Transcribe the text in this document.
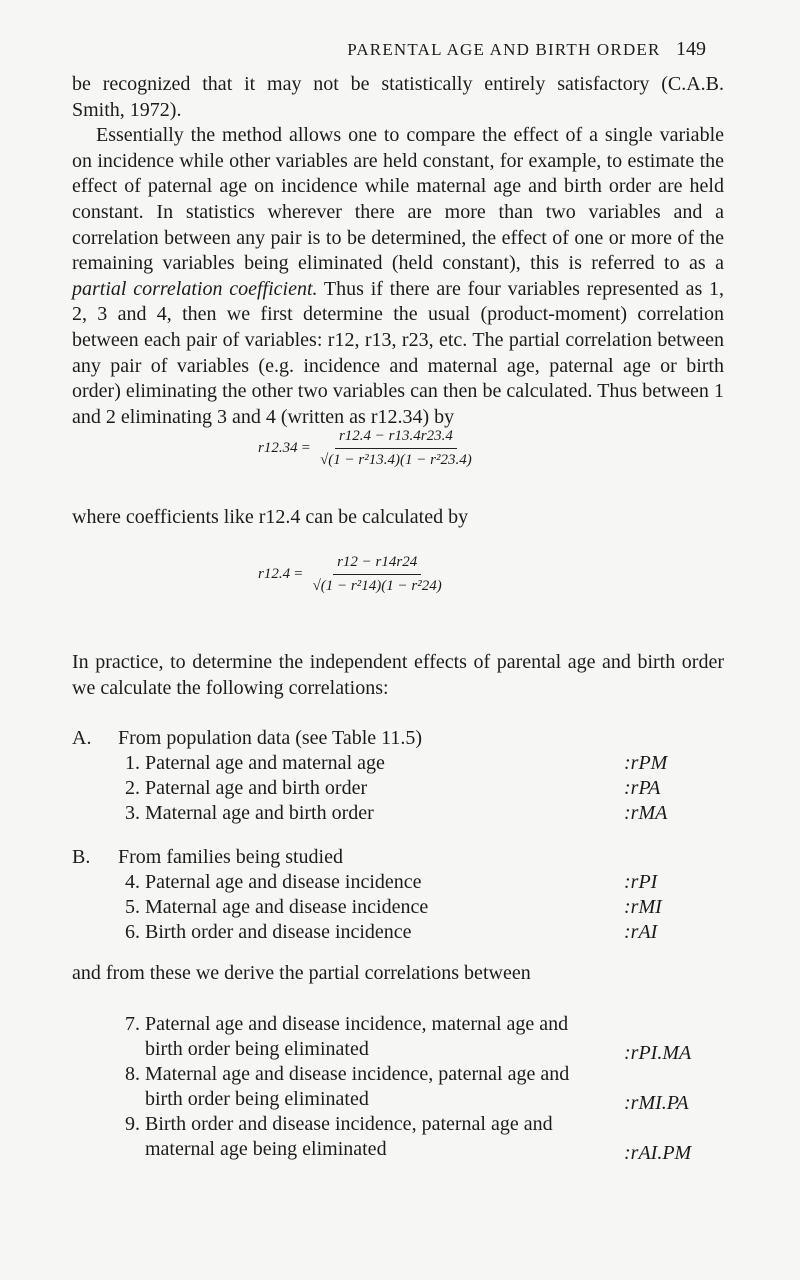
PARENTAL AGE AND BIRTH ORDER 149

be recognized that it may not be statistically entirely satisfactory (C.A.B.

Smith, 1972).

Essentially the method allows one to compare the effect of a single variable on incidence while other variables are held constant, for example, to estimate the effect of paternal age on incidence while maternal age and birth order are held constant. In statistics wherever there are more than two variables and a correlation between any pair is to be determined, the effect of one or more of the remaining variables being eliminated (held constant), this is referred to as a partial correlation coefficient. Thus if there are four variables represented as 1, 2, 3 and 4, then we first determine the usual (product-moment) correlation between each pair of variables: r12, r13, r23, etc. The partial correlation between any pair of variables (e.g. incidence and maternal age, paternal age or birth order) eliminating the other two variables can then be calculated. Thus between 1 and 2 eliminating 3 and 4 (written as r12.34) by

$r12.34 = \frac{r12.4 - r13.4r23.4}{\text{√(1 − r²13.4)(1 − r²23.4)}}$
where coefficients like r12.4 can be calculated by
$r12.4 = \frac{r12 - r14r24}{\text{√(1 − r²14)(1 − r²24)}}$
In practice, to determine the independent effects of parental age and birth order we calculate the following correlations:
A. From population data (see Table 11.5)
1. Paternal age and maternal age	:rPM
2. Paternal age and birth order	:rPA
3. Maternal age and birth order	:rMA
B. From families being studied
4. Paternal age and disease incidence	:rPI
5. Maternal age and disease incidence	:rMI
6. Birth order and disease incidence	:rAI
and from these we derive the partial correlations between
7. Paternal age and disease incidence, maternal age and
birth order being eliminated	:rPI.MA
8. Maternal age and disease incidence, paternal age and
birth order being eliminated	:rMI.PA
9. Birth order and disease incidence, paternal age and
maternal age being eliminated	:rAI.PM
